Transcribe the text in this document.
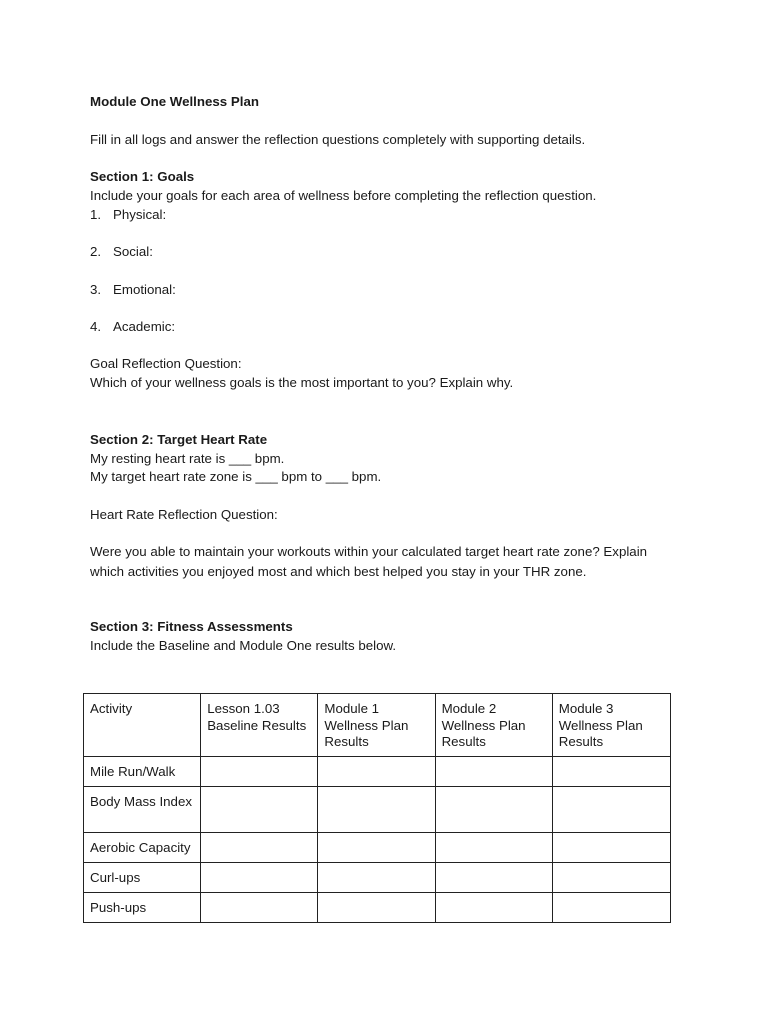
Module One Wellness Plan
Fill in all logs and answer the reflection questions completely with supporting details.
Section 1: Goals
Include your goals for each area of wellness before completing the reflection question.
1. Physical:
2. Social:
3. Emotional:
4. Academic:
Goal Reflection Question:
Which of your wellness goals is the most important to you? Explain why.
Section 2: Target Heart Rate
My resting heart rate is ___ bpm.
My target heart rate zone is ___ bpm to ___ bpm.
Heart Rate Reflection Question:
Were you able to maintain your workouts within your calculated target heart rate zone? Explain
which activities you enjoyed most and which best helped you stay in your THR zone.
Section 3: Fitness Assessments
Include the Baseline and Module One results below.
Activity	Lesson 1.03 Baseline Results	Module 1 Wellness Plan Results	Module 2 Wellness Plan Results	Module 3 Wellness Plan Results
Mile Run/Walk				
Body Mass Index				
Aerobic Capacity				
Curl-ups				
Push-ups				
